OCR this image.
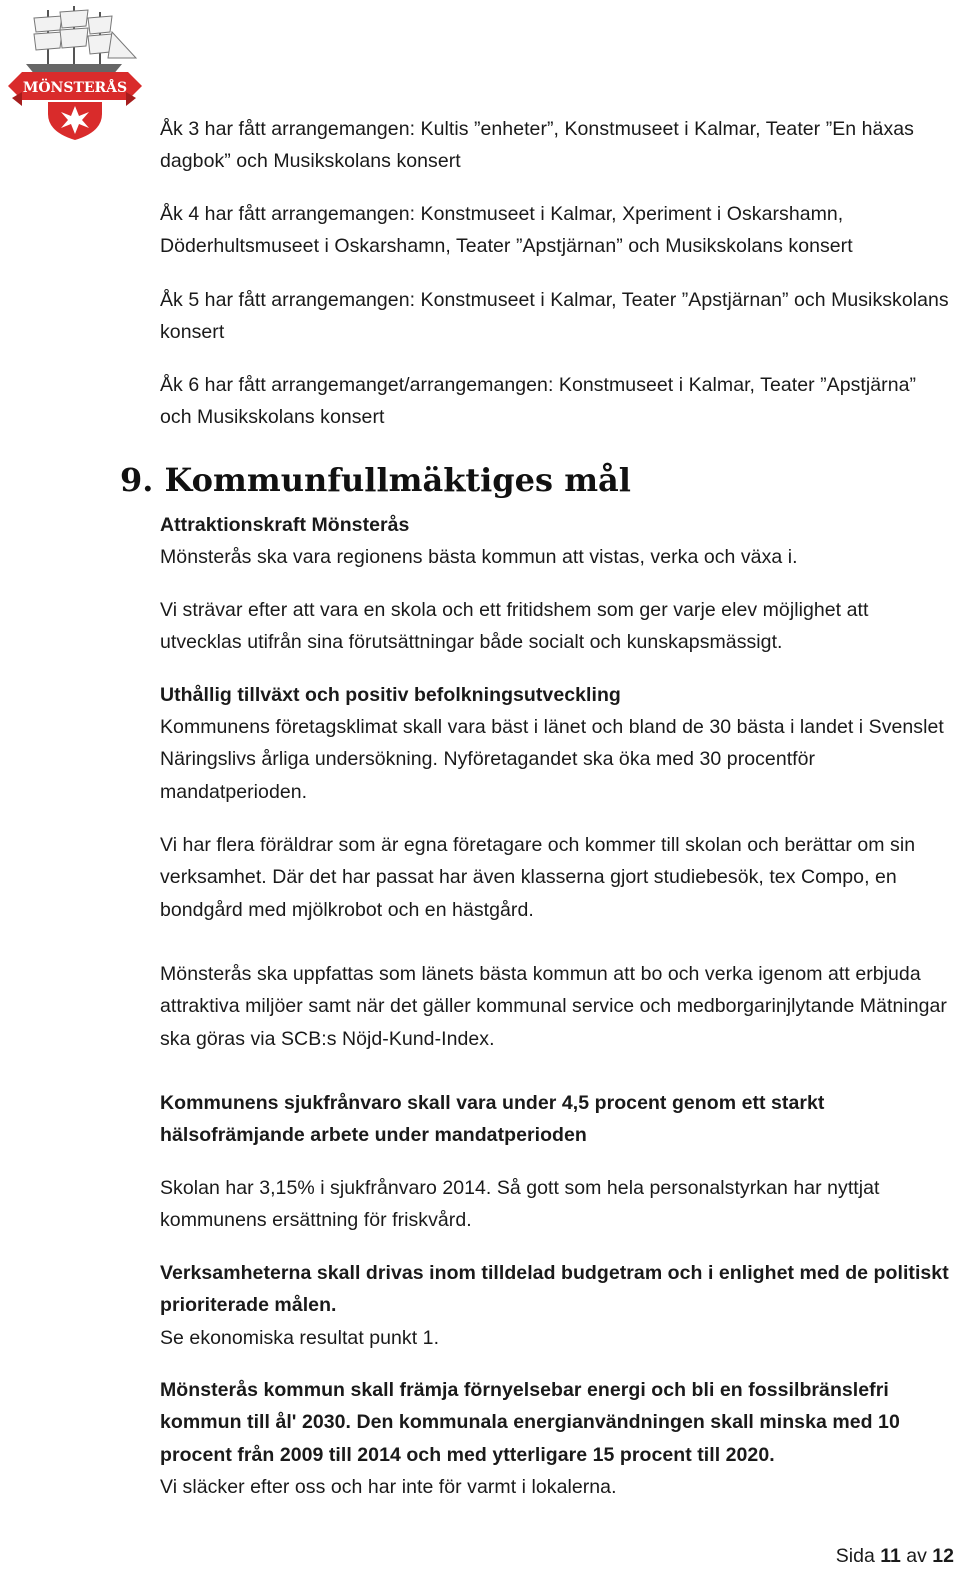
MÖNSTERÅS

Åk 3 har fått arrangemangen: Kultis ”enheter”, Konstmuseet i Kalmar, Teater ”En häxas dagbok” och Musikskolans konsert

Åk 4 har fått arrangemangen: Konstmuseet i Kalmar, Xperiment i Oskarshamn, Döderhultsmuseet i Oskarshamn, Teater ”Apstjärnan” och Musikskolans konsert

Åk 5 har fått arrangemangen: Konstmuseet i Kalmar, Teater ”Apstjärnan” och Musikskolans konsert

Åk 6 har fått arrangemanget/arrangemangen: Konstmuseet i Kalmar, Teater ”Apstjärna” och Musikskolans konsert

9. Kommunfullmäktiges mål

Attraktionskraft Mönsterås

Mönsterås ska vara regionens bästa kommun att vistas, verka och växa i.

Vi strävar efter att vara en skola och ett fritidshem som ger varje elev möjlighet att utvecklas utifrån sina förutsättningar både socialt och kunskapsmässigt.

Uthållig tillväxt och positiv befolkningsutveckling

Kommunens företagsklimat skall vara bäst i länet och bland de 30 bästa i landet i Svenslet Näringslivs årliga undersökning. Nyföretagandet ska öka med 30 procentför mandatperioden.

Vi har flera föräldrar som är egna företagare och kommer till skolan och berättar om sin verksamhet. Där det har passat har även klasserna gjort studiebesök, tex Compo, en bondgård med mjölkrobot och en hästgård.

Mönsterås ska uppfattas som länets bästa kommun att bo och verka igenom att erbjuda attraktiva miljöer samt när det gäller kommunal service och medborgarinjlytande Mätningar ska göras via SCB:s Nöjd-Kund-Index.

Kommunens sjukfrånvaro skall vara under 4,5 procent genom ett starkt hälsofrämjande arbete under mandatperioden

Skolan har 3,15% i sjukfrånvaro 2014. Så gott som hela personalstyrkan har nyttjat kommunens ersättning för friskvård.

Verksamheterna skall drivas inom tilldelad budgetram och i enlighet med de politiskt prioriterade målen.

Se ekonomiska resultat punkt 1.

Mönsterås kommun skall främja förnyelsebar energi och bli en fossilbränslefri kommun till ål' 2030. Den kommunala energianvändningen skall minska med 10 procent från 2009 till 2014 och med ytterligare 15 procent till 2020.

Vi släcker efter oss och har inte för varmt i lokalerna.

Sida 11 av 12
